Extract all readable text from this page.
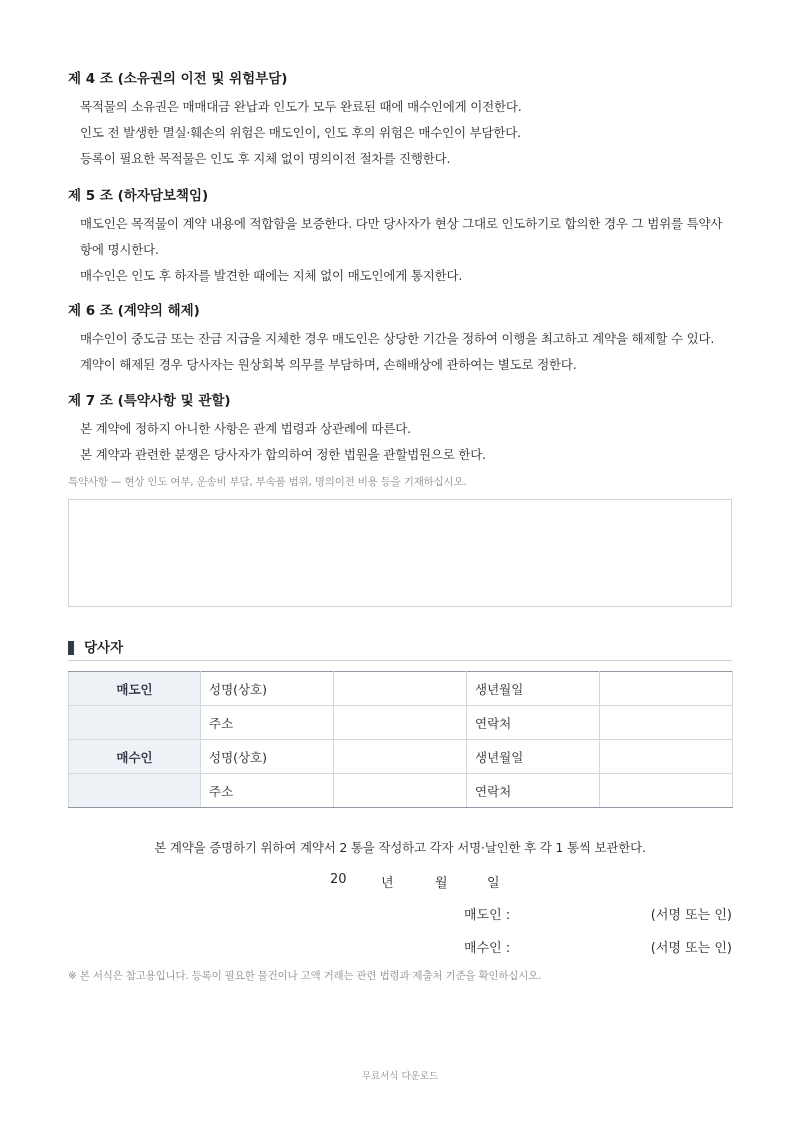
제 4 조 (소유권의 이전 및 위험부담)

목적물의 소유권은 매매대금 완납과 인도가 모두 완료된 때에 매수인에게 이전한다.

인도 전 발생한 멸실·훼손의 위험은 매도인이, 인도 후의 위험은 매수인이 부담한다.

등록이 필요한 목적물은 인도 후 지체 없이 명의이전 절차를 진행한다.

제 5 조 (하자담보책임)

매도인은 목적물이 계약 내용에 적합함을 보증한다. 다만 당사자가 현상 그대로 인도하기로 합의한 경우 그 범위를 특약사항에 명시한다.

매수인은 인도 후 하자를 발견한 때에는 지체 없이 매도인에게 통지한다.

제 6 조 (계약의 해제)

매수인이 중도금 또는 잔금 지급을 지체한 경우 매도인은 상당한 기간을 정하여 이행을 최고하고 계약을 해제할 수 있다.

계약이 해제된 경우 당사자는 원상회복 의무를 부담하며, 손해배상에 관하여는 별도로 정한다.

제 7 조 (특약사항 및 관할)

본 계약에 정하지 아니한 사항은 관계 법령과 상관례에 따른다.

본 계약과 관련한 분쟁은 당사자가 합의하여 정한 법원을 관할법원으로 한다.

특약사항 — 현상 인도 여부, 운송비 부담, 부속품 범위, 명의이전 비용 등을 기재하십시오.
당사자
매도인	성명(상호)		생년월일	
	주소		연락처	
매수인	성명(상호)		생년월일	
	주소		연락처	
본 계약을 증명하기 위하여 계약서 2 통을 작성하고 각자 서명·날인한 후 각 1 통씩 보관한다.
20	년	월	일
매도인 :	(서명 또는 인)
매수인 :	(서명 또는 인)
※ 본 서식은 참고용입니다. 등록이 필요한 물건이나 고액 거래는 관련 법령과 제출처 기준을 확인하십시오.
무료서식 다운로드
